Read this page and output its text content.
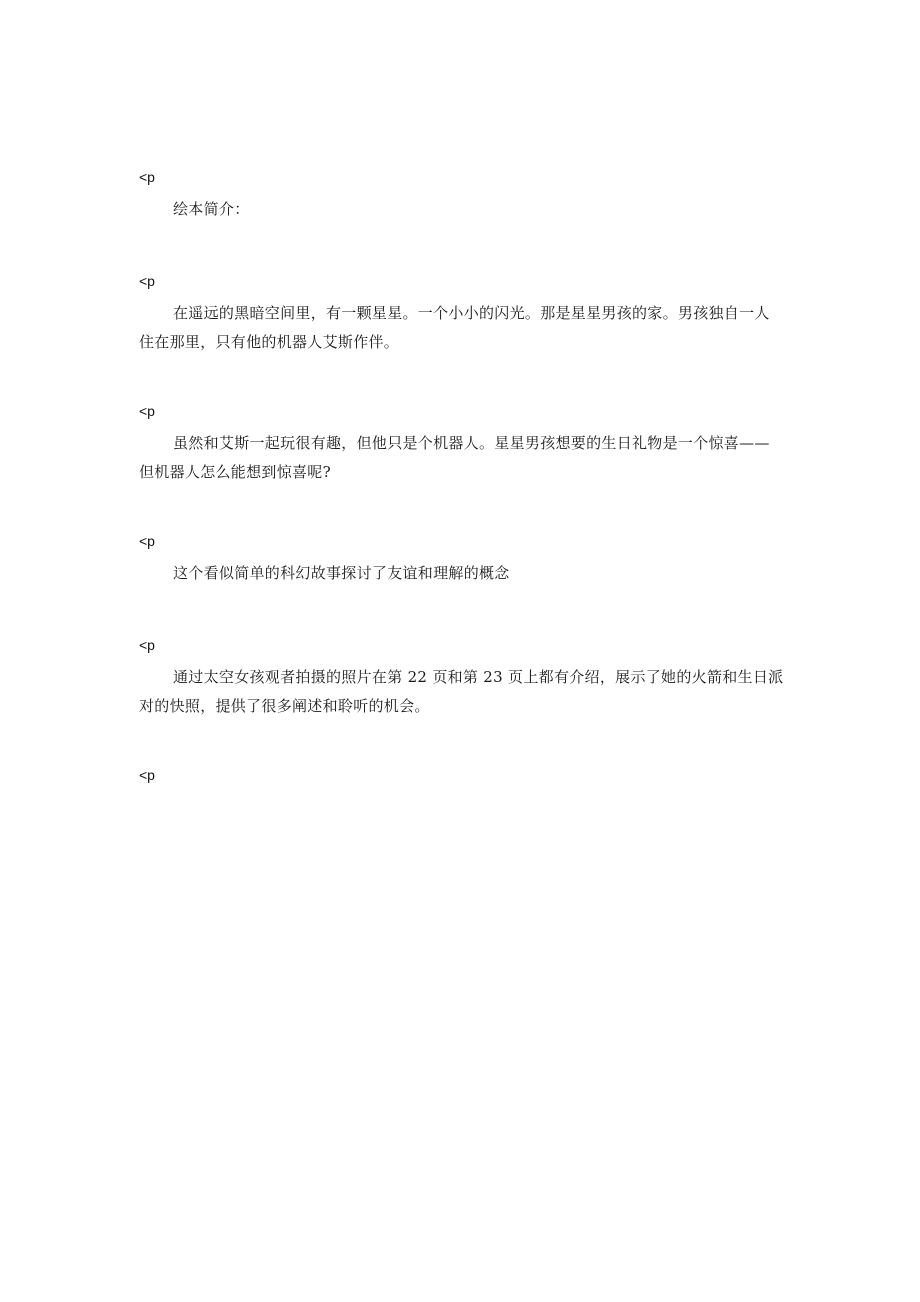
<p

绘本简介：

<p

在遥远的黑暗空间里，有一颗星星。一个小小的闪光。那是星星男孩的家。男孩独自一人住在那里，只有他的机器人艾斯作伴。

<p

虽然和艾斯一起玩很有趣，但他只是个机器人。星星男孩想要的生日礼物是一个惊喜——但机器人怎么能想到惊喜呢?

<p

这个看似简单的科幻故事探讨了友谊和理解的概念

<p

通过太空女孩观者拍摄的照片在第 22 页和第 23 页上都有介绍，展示了她的火箭和生日派对的快照，提供了很多阐述和聆听的机会。

<p
